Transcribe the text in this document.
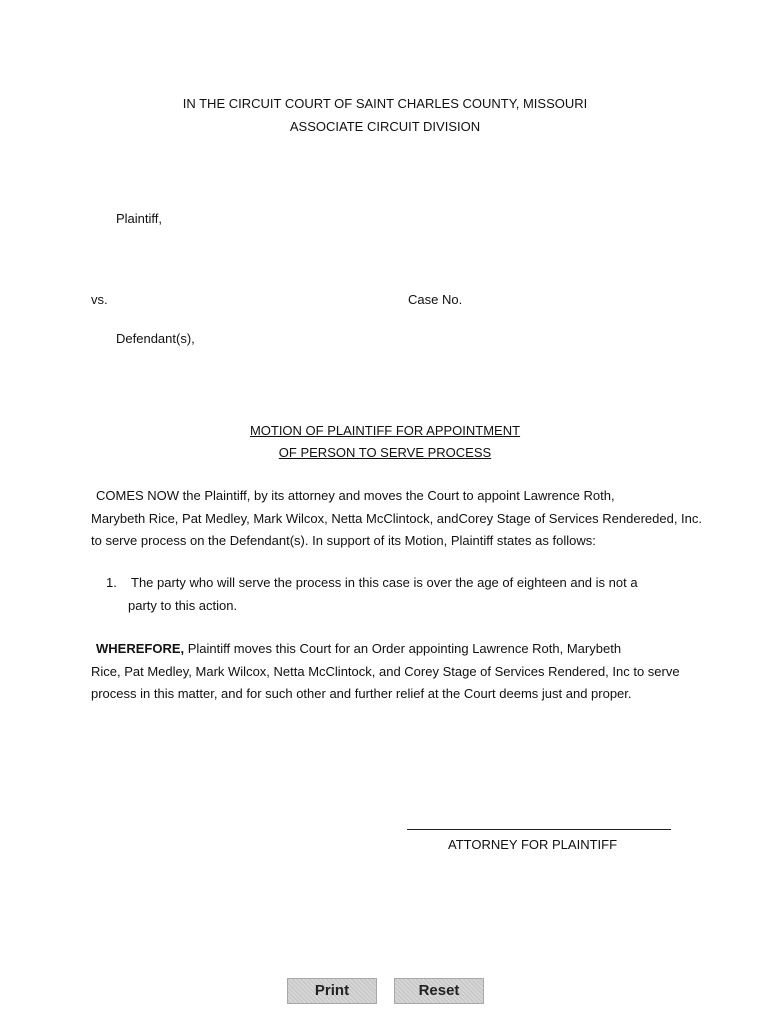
IN THE CIRCUIT COURT OF SAINT CHARLES COUNTY, MISSOURI
ASSOCIATE CIRCUIT DIVISION
Plaintiff,
vs.	Case No.
Defendant(s),
MOTION OF PLAINTIFF FOR APPOINTMENT
OF PERSON TO SERVE PROCESS
COMES NOW the Plaintiff, by its attorney and moves the Court to appoint Lawrence Roth,
Marybeth Rice, Pat Medley, Mark Wilcox, Netta McClintock, andCorey Stage of Services Rendereded, Inc.
to serve process on the Defendant(s). In support of its Motion, Plaintiff states as follows:
1. The party who will serve the process in this case is over the age of eighteen and is not a
party to this action.
WHEREFORE, Plaintiff moves this Court for an Order appointing Lawrence Roth, Marybeth
Rice, Pat Medley, Mark Wilcox, Netta McClintock, and Corey Stage of Services Rendered, Inc to serve
process in this matter, and for such other and further relief at the Court deems just and proper.
ATTORNEY FOR PLAINTIFF
Print	Reset
